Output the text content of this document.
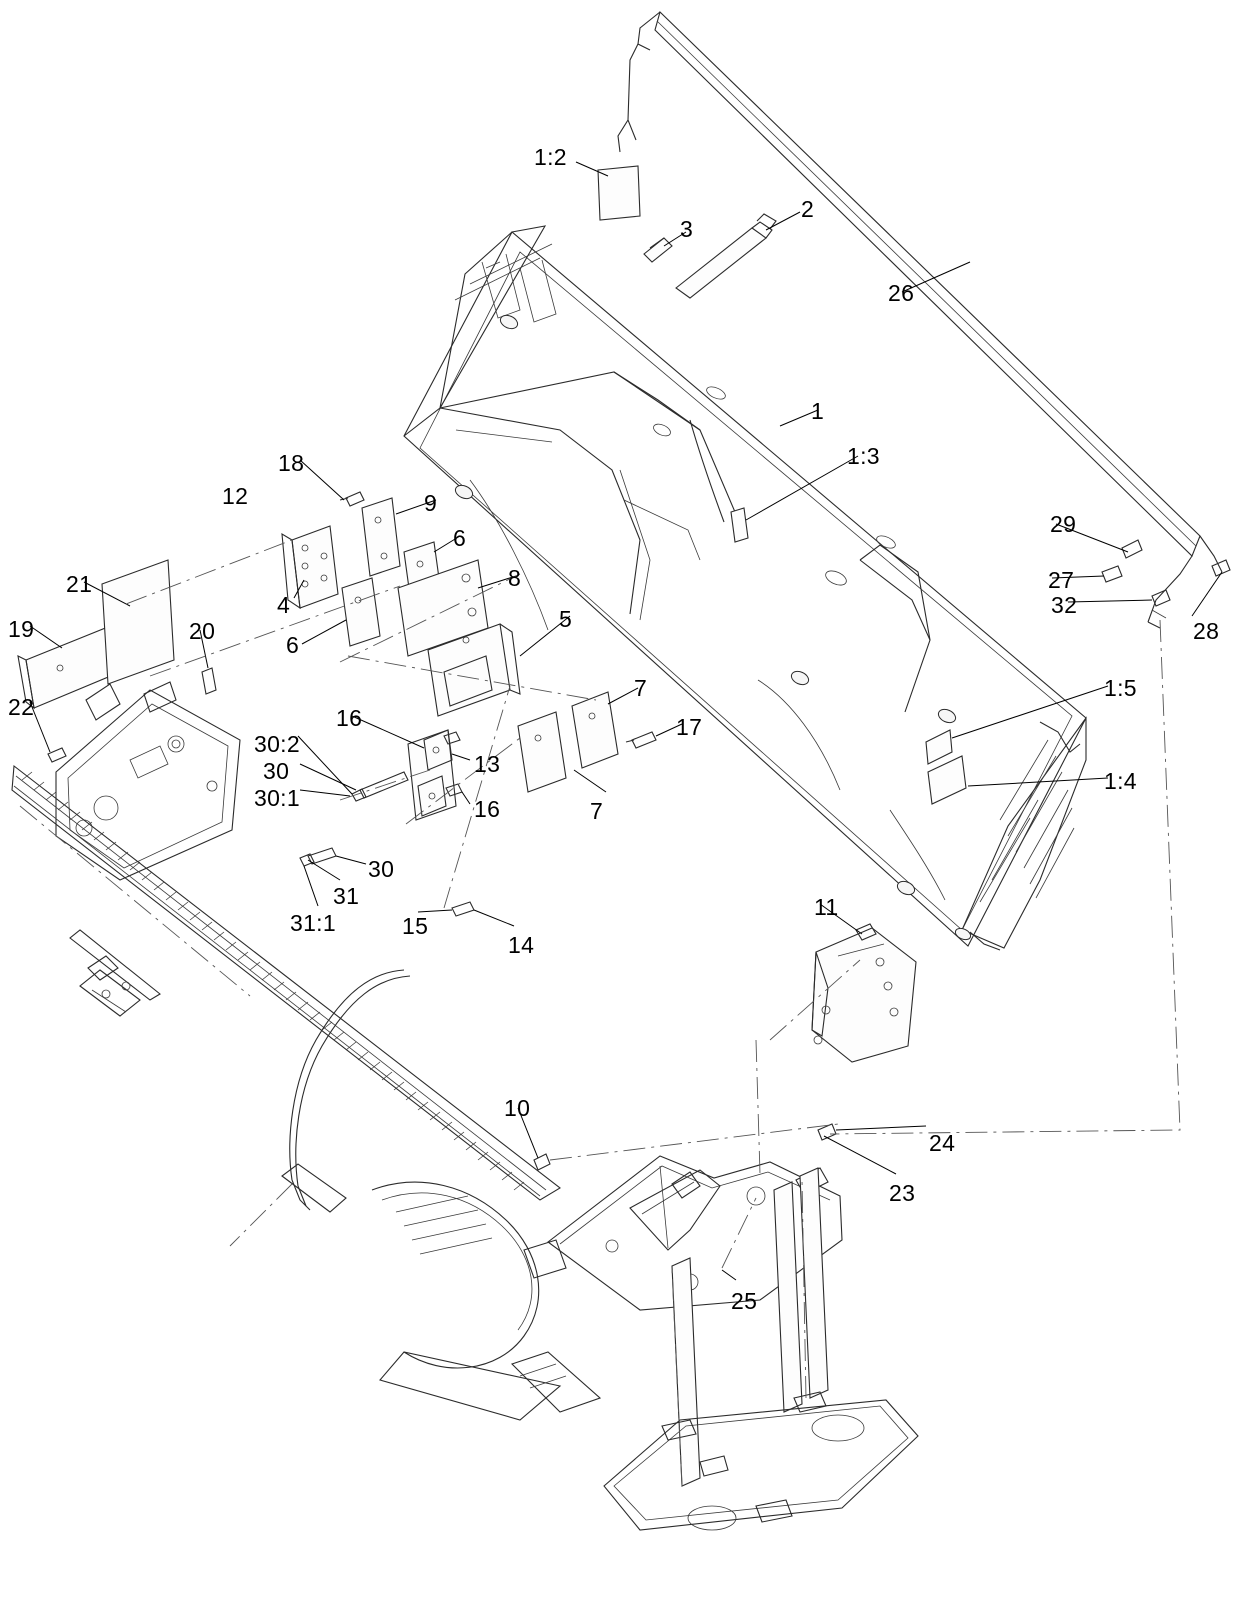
1:2
3
2
26
1
1:3
18
12	9
6
29
27
21
4
8
19	20	5
6
32
28
22
7	1:5
16	17
30:2
13
30	1:4
30:1	16	7
30
31	11
31:1	15
14
10
24
23
25
